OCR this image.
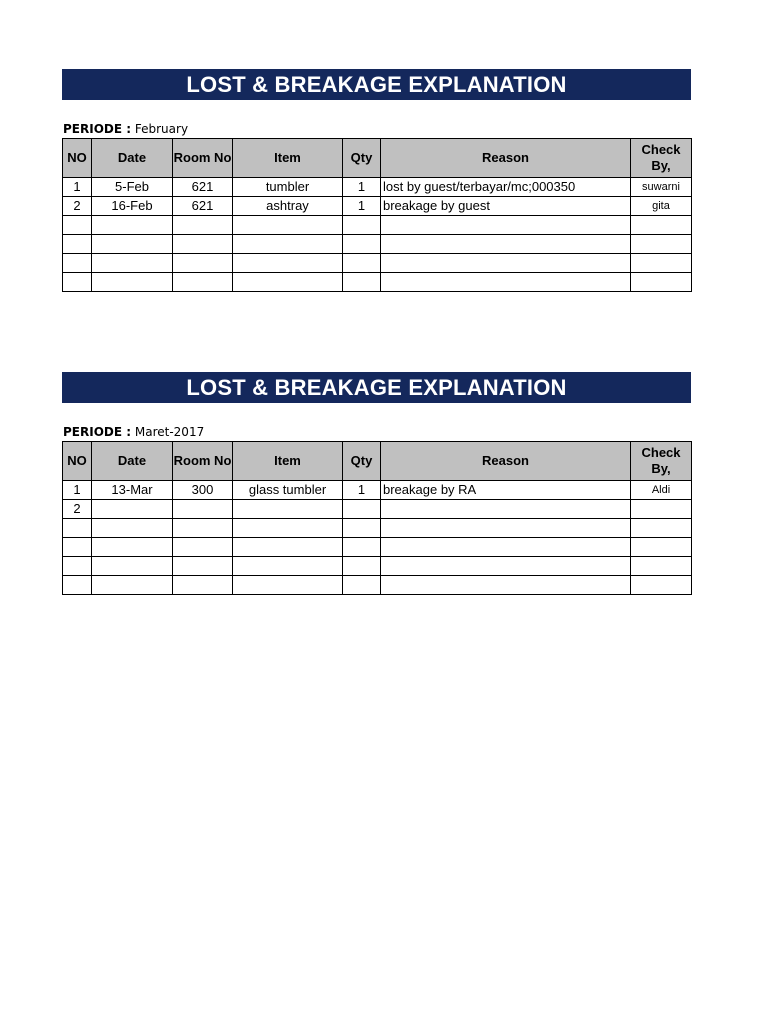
LOST & BREAKAGE EXPLANATION
PERIODE : February
NO	Date	Room No	Item	Qty	Reason	Check By,
1	5-Feb	621	tumbler	1	lost by guest/terbayar/mc;000350	suwarni
2	16-Feb	621	ashtray	1	breakage by guest	gita

LOST & BREAKAGE EXPLANATION
PERIODE : Maret-2017
NO	Date	Room No	Item	Qty	Reason	Check By,
1	13-Mar	300	glass tumbler	1	breakage by RA	Aldi
2						
